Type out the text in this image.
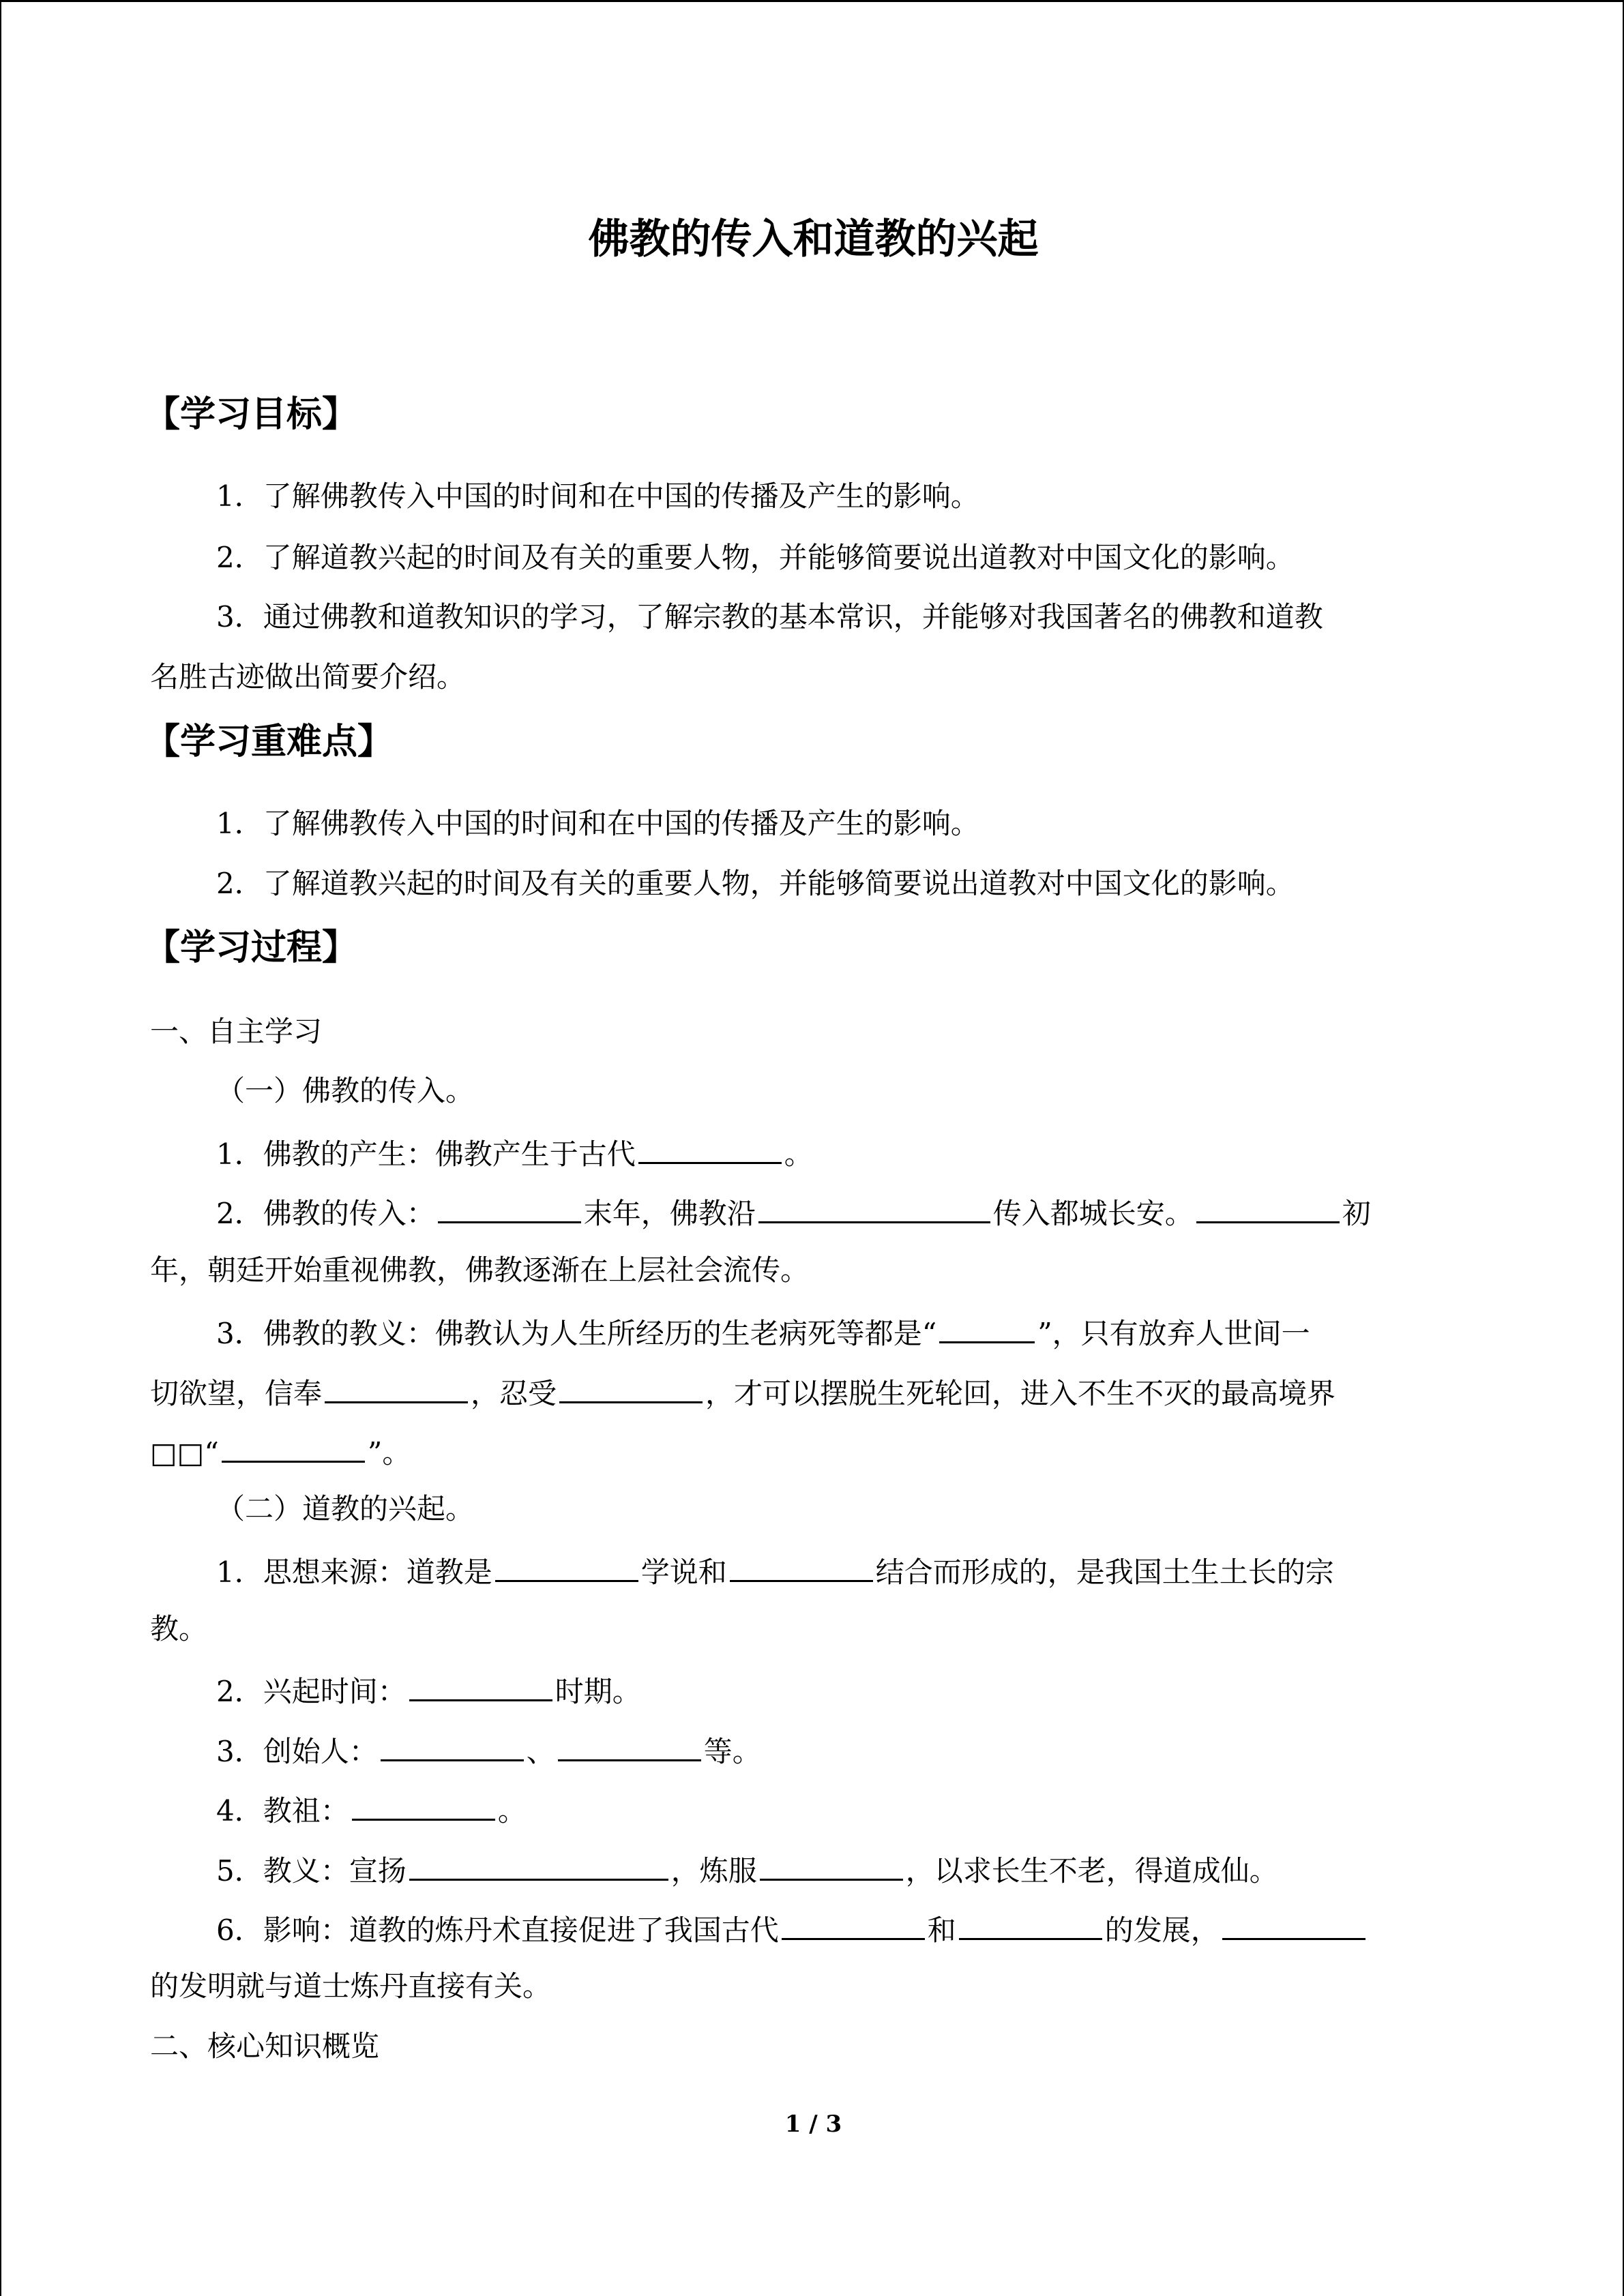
佛教的传入和道教的兴起
【学习目标】
1．了解佛教传入中国的时间和在中国的传播及产生的影响。
2．了解道教兴起的时间及有关的重要人物，并能够简要说出道教对中国文化的影响。
3．通过佛教和道教知识的学习，了解宗教的基本常识，并能够对我国著名的佛教和道教
名胜古迹做出简要介绍。
【学习重难点】
1．了解佛教传入中国的时间和在中国的传播及产生的影响。
2．了解道教兴起的时间及有关的重要人物，并能够简要说出道教对中国文化的影响。
【学习过程】
一、自主学习
（一）佛教的传入。
1．佛教的产生：佛教产生于古代	。
2．佛教的传入：	末年，佛教沿	传入都城长安。	初
年，朝廷开始重视佛教，佛教逐渐在上层社会流传。
3．佛教的教义：佛教认为人生所经历的生老病死等都是“	”，只有放弃人世间一
切欲望，信奉	，忍受	，才可以摆脱生死轮回，进入不生不灭的最高境界
□□“	”。
（二）道教的兴起。
1．思想来源：道教是	学说和	结合而形成的，是我国土生土长的宗
教。
2．兴起时间：	时期。
3．创始人：	、	等。
4．教祖：	。
5．教义：宣扬	，炼服	，以求长生不老，得道成仙。
6．影响：道教的炼丹术直接促进了我国古代	和	的发展，
的发明就与道士炼丹直接有关。
二、核心知识概览
1 / 3
